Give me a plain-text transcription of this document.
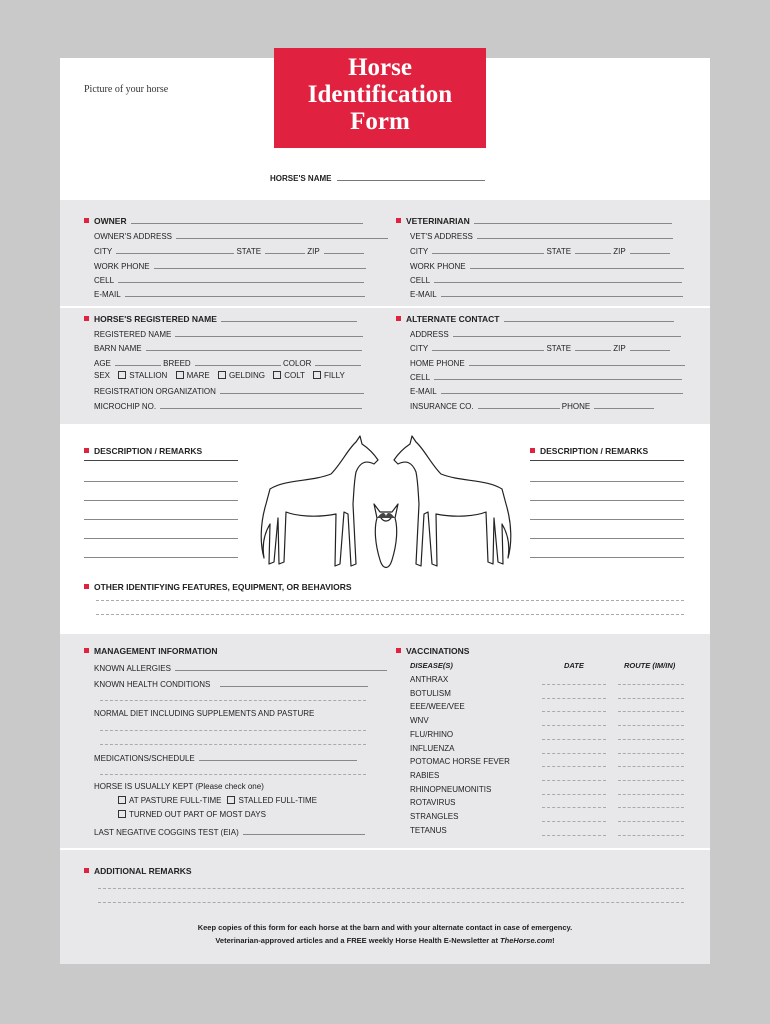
Picture of your horse
Horse
Identification
Form
HORSE'S NAME
OWNER
OWNER'S ADDRESS
CITY	STATE	ZIP
WORK PHONE
CELL
E-MAIL
VETERINARIAN
VET'S ADDRESS
CITY	STATE	ZIP
WORK PHONE
CELL
E-MAIL
HORSE'S REGISTERED NAME
REGISTERED NAME
BARN NAME
AGE	BREED	COLOR
SEX STALLION MARE GELDING COLT FILLY
REGISTRATION ORGANIZATION
MICROCHIP NO.
ALTERNATE CONTACT
ADDRESS
CITY	STATE	ZIP
HOME PHONE
CELL
E-MAIL
INSURANCE CO.	PHONE
DESCRIPTION / REMARKS	DESCRIPTION / REMARKS
OTHER IDENTIFYING FEATURES, EQUIPMENT, OR BEHAVIORS
MANAGEMENT INFORMATION
KNOWN ALLERGIES
KNOWN HEALTH CONDITIONS
NORMAL DIET INCLUDING SUPPLEMENTS AND PASTURE
MEDICATIONS/SCHEDULE
HORSE IS USUALLY KEPT (Please check one)
AT PASTURE FULL-TIME STALLED FULL-TIME
TURNED OUT PART OF MOST DAYS
LAST NEGATIVE COGGINS TEST (EIA)
VACCINATIONS
DISEASE(S)	DATE	ROUTE (IM/IN)
ANTHRAX
BOTULISM
EEE/WEE/VEE
WNV
FLU/RHINO
INFLUENZA
POTOMAC HORSE FEVER
RABIES
RHINOPNEUMONITIS
ROTAVIRUS
STRANGLES
TETANUS
ADDITIONAL REMARKS
Keep copies of this form for each horse at the barn and with your alternate contact in case of emergency.
Veterinarian-approved articles and a FREE weekly Horse Health E-Newsletter at TheHorse.com!
